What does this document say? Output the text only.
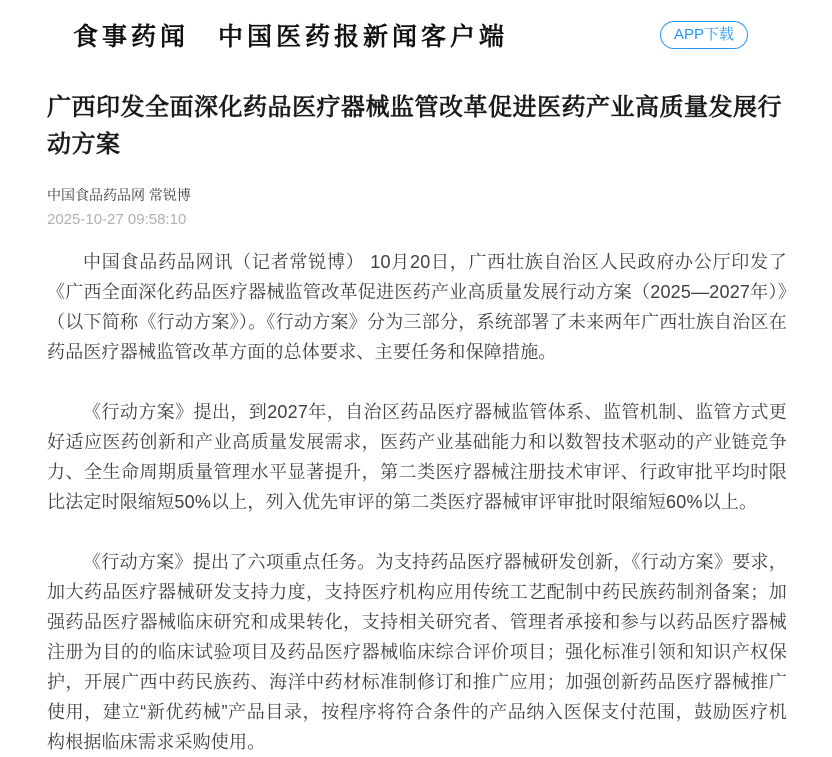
食事药闻　中国医药报新闻客户端	APP下载
广西印发全面深化药品医疗器械监管改革促进医药产业高质量发展行动方案
中国食品药品网 常锐博
2025-10-27 09:58:10

中国食品药品网讯（记者常锐博） 10月20日，广西壮族自治区人民政府办公厅印发了《广西全面深化药品医疗器械监管改革促进医药产业高质量发展行动方案（2025—2027年）》（以下简称《行动方案》）。《行动方案》分为三部分，系统部署了未来两年广西壮族自治区在药品医疗器械监管改革方面的总体要求、主要任务和保障措施。

《行动方案》提出，到2027年，自治区药品医疗器械监管体系、监管机制、监管方式更好适应医药创新和产业高质量发展需求，医药产业基础能力和以数智技术驱动的产业链竞争力、全生命周期质量管理水平显著提升，第二类医疗器械注册技术审评、行政审批平均时限比法定时限缩短50%以上，列入优先审评的第二类医疗器械审评审批时限缩短60%以上。

《行动方案》提出了六项重点任务。为支持药品医疗器械研发创新，《行动方案》要求，加大药品医疗器械研发支持力度，支持医疗机构应用传统工艺配制中药民族药制剂备案；加强药品医疗器械临床研究和成果转化，支持相关研究者、管理者承接和参与以药品医疗器械注册为目的的临床试验项目及药品医疗器械临床综合评价项目；强化标准引领和知识产权保护，开展广西中药民族药、海洋中药材标准制修订和推广应用；加强创新药品医疗器械推广使用，建立“新优药械”产品目录，按程序将符合条件的产品纳入医保支付范围，鼓励医疗机构根据临床需求采购使用。
